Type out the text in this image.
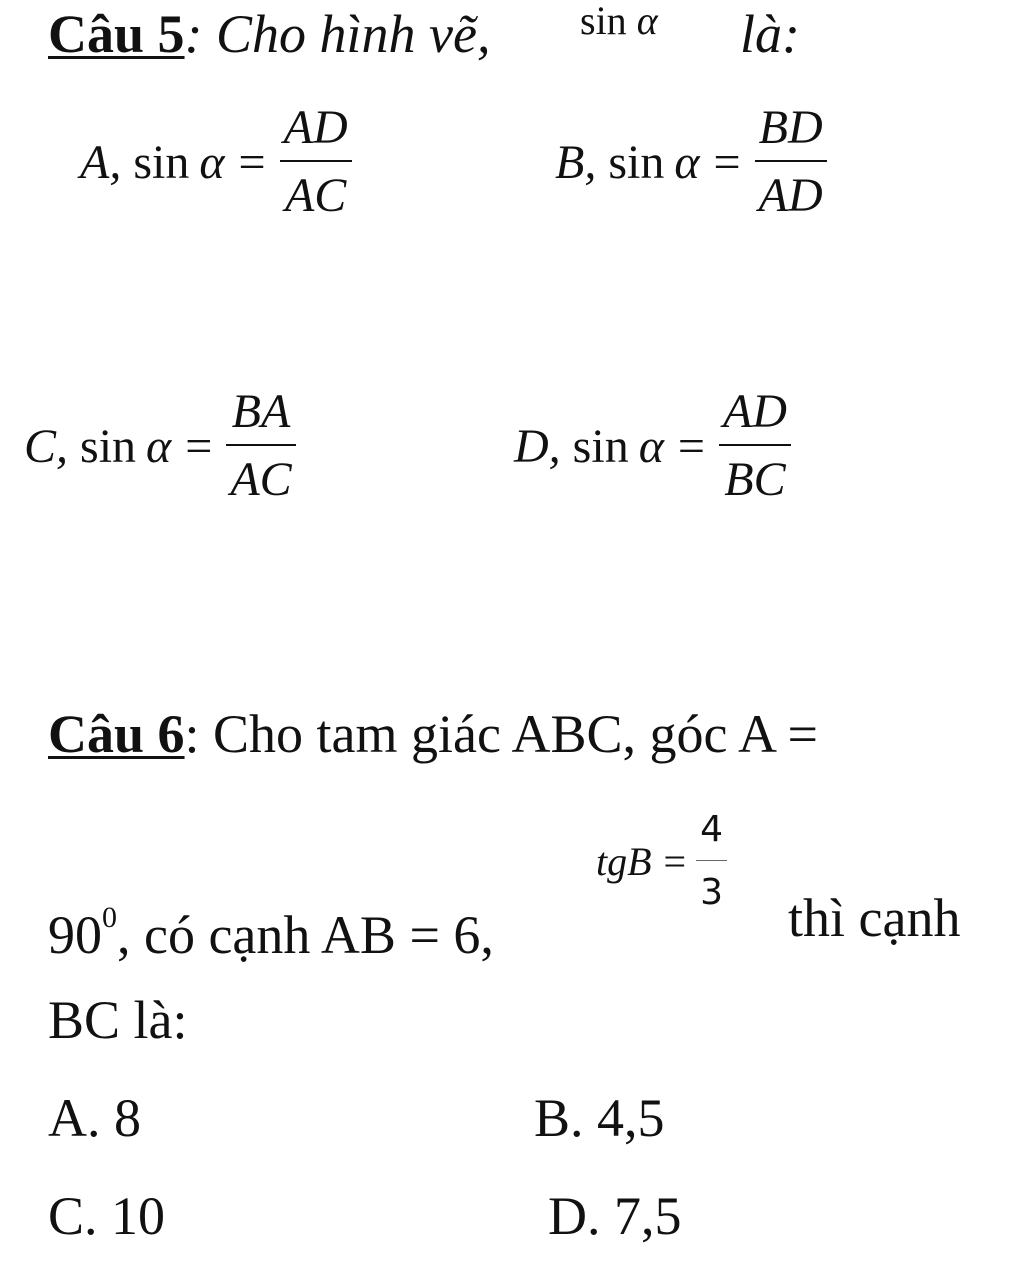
Câu 5: Cho hình vẽ, sin α là:
A, $\sin \alpha = \frac{AD}{AC}$	B, $\sin \alpha = \frac{BD}{AD}$
C, $\sin \alpha = \frac{BA}{AC}$	D, $\sin \alpha = \frac{AD}{BC}$
Câu 6: Cho tam giác ABC, góc A =
$90^0$, có cạnh AB = 6,
tgB = $\frac{4}{3}$
thì cạnh
BC là:
A. 8	B. 4,5
C. 10	D. 7,5
